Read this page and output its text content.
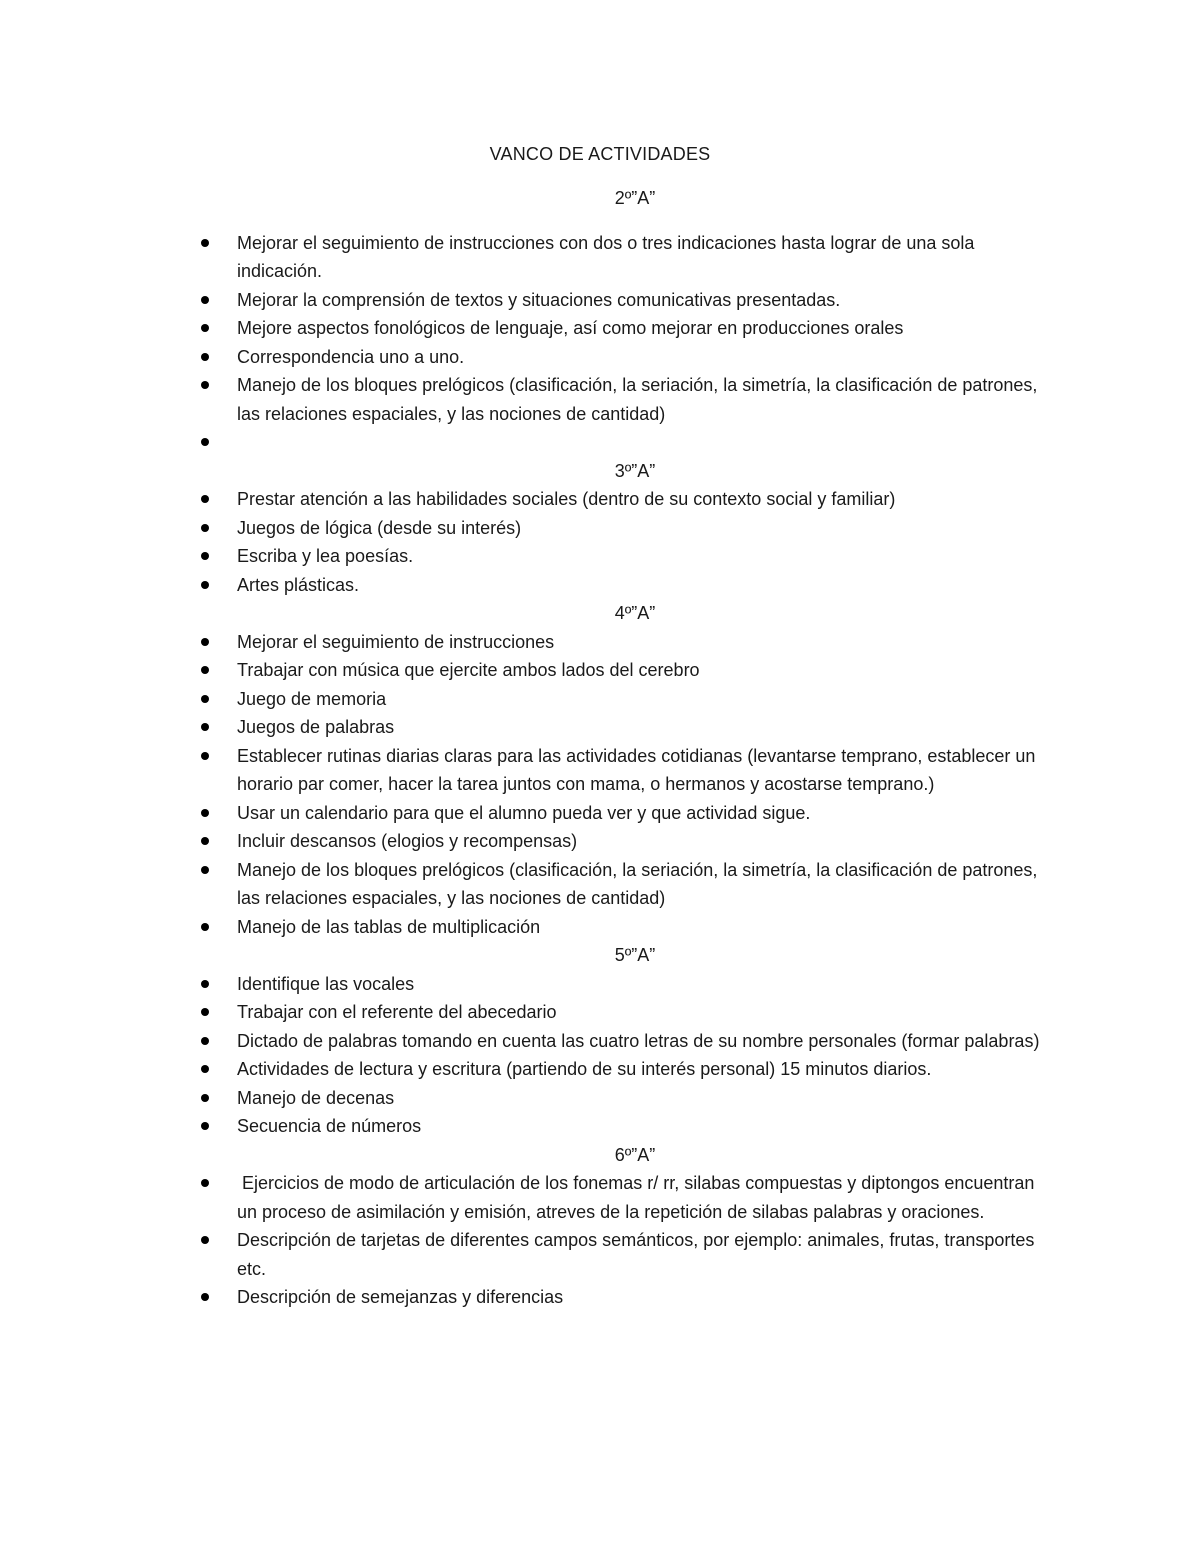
VANCO DE ACTIVIDADES
2º”A”
Mejorar el seguimiento de instrucciones con dos o tres indicaciones hasta lograr de una sola indicación.
Mejorar la comprensión de textos y situaciones comunicativas presentadas.
Mejore aspectos fonológicos de lenguaje, así como mejorar en producciones orales
Correspondencia uno a uno.
Manejo de los bloques prelógicos (clasificación, la seriación, la simetría, la clasificación de patrones, las relaciones espaciales, y las nociones de cantidad)
3º”A”
Prestar atención a las habilidades sociales (dentro de su contexto social y familiar)
Juegos de lógica (desde su interés)
Escriba y lea poesías.
Artes plásticas.
4º”A”
Mejorar el seguimiento de instrucciones
Trabajar con música que ejercite ambos lados del cerebro
Juego de memoria
Juegos de palabras
Establecer rutinas diarias claras para las actividades cotidianas (levantarse temprano, establecer un horario par comer, hacer la tarea juntos con mama, o hermanos y acostarse temprano.)
Usar un calendario para que el alumno pueda ver y que actividad sigue.
Incluir descansos (elogios y recompensas)
Manejo de los bloques prelógicos (clasificación, la seriación, la simetría, la clasificación de patrones, las relaciones espaciales, y las nociones de cantidad)
Manejo de las tablas de multiplicación
5º”A”
Identifique las vocales
Trabajar con el referente del abecedario
Dictado de palabras tomando en cuenta las cuatro letras de su nombre personales (formar palabras)
Actividades de lectura y escritura (partiendo de su interés personal) 15 minutos diarios.
Manejo de decenas
Secuencia de números
6º”A”
Ejercicios de modo de articulación de los fonemas r/ rr, silabas compuestas y diptongos encuentran un proceso de asimilación y emisión, atreves de la repetición de silabas palabras y oraciones.
Descripción de tarjetas de diferentes campos semánticos, por ejemplo: animales, frutas, transportes etc.
Descripción de semejanzas y diferencias
